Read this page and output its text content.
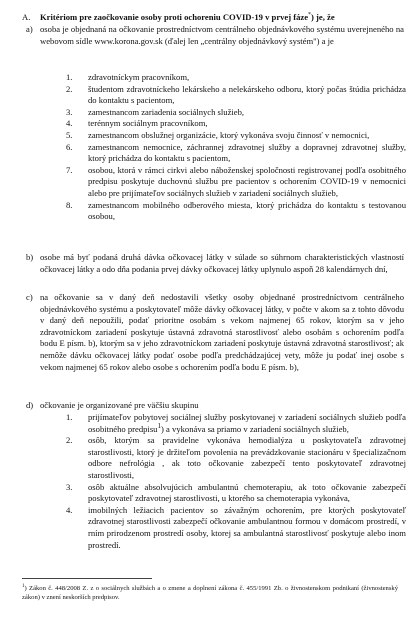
A. Kritériom pre zaočkovanie osoby proti ochoreniu COVID-19 v prvej fáze*) je, že
a) osoba je objednaná na očkovanie prostredníctvom centrálneho objednávkového systému uverejneného na webovom sídle www.korona.gov.sk (ďalej len „centrálny objednávkový systém") a je

1. zdravotníckym pracovníkom,
2. študentom zdravotníckeho lekárskeho a nelekárskeho odboru, ktorý počas štúdia prichádza do kontaktu s pacientom,
3. zamestnancom zariadenia sociálnych služieb,
4. terénnym sociálnym pracovníkom,
5. zamestnancom obslužnej organizácie, ktorý vykonáva svoju činnosť v nemocnici,
6. zamestnancom nemocnice, záchrannej zdravotnej služby a dopravnej zdravotnej služby, ktorý prichádza do kontaktu s pacientom,
7. osobou, ktorá v rámci cirkvi alebo náboženskej spoločnosti registrovanej podľa osobitného predpisu poskytuje duchovnú službu pre pacientov s ochorením COVID-19 v nemocnici alebo pre prijímateľov sociálnych služieb v zariadení sociálnych služieb,
8. zamestnancom mobilného odberového miesta, ktorý prichádza do kontaktu s testovanou osobou,
b) osobe má byť podaná druhá dávka očkovacej látky v súlade so súhrnom charakteristických vlastností očkovacej látky a odo dňa podania prvej dávky očkovacej látky uplynulo aspoň 28 kalendárnych dní,

c) na očkovanie sa v daný deň nedostavili všetky osoby objednané prostredníctvom centrálneho objednávkového systému a poskytovateľ môže dávky očkovacej látky, v počte v akom sa z tohto dôvodu v daný deň nepoužili, podať prioritne osobám s vekom najmenej 65 rokov, ktorým sa v jeho zdravotníckom zariadení poskytuje ústavná zdravotná starostlivosť alebo osobám s ochorením podľa bodu E písm. b), ktorým sa v jeho zdravotníckom zariadení poskytuje ústavná zdravotná starostlivosť; ak nemôže dávku očkovacej látky podať osobe podľa predchádzajúcej vety, môže ju podať inej osobe s vekom najmenej 65 rokov alebo osobe s ochorením podľa bodu E písm. b),

d) očkovanie je organizované pre väčšiu skupinu

1. prijímateľov pobytovej sociálnej služby poskytovanej v zariadení sociálnych služieb podľa osobitného predpisu$^1$) a vykonáva sa priamo v zariadení sociálnych služieb,
2. osôb, ktorým sa pravidelne vykonáva hemodialýza u poskytovateľa zdravotnej starostlivosti, ktorý je držiteľom povolenia na prevádzkovanie stacionáru v špecializačnom odbore nefrológia , ak toto očkovanie zabezpečí tento poskytovateľ zdravotnej starostlivosti,
3. osôb aktuálne absolvujúcich ambulantnú chemoterapiu, ak toto očkovanie zabezpečí poskytovateľ zdravotnej starostlivosti, u ktorého sa chemoterapia vykonáva,
4. imobilných ležiacich pacientov so závažným ochorením, pre ktorých poskytovateľ zdravotnej starostlivosti zabezpečí očkovanie ambulantnou formou v domácom prostredí, v rním prirodzenom prostredí osoby, ktorej sa ambulantná starostlivosť poskytuje alebo inom prostredí.
$^1$) Zákon č. 448/2008 Z. z o sociálnych službách a o zmene a doplnení zákona č. 455/1991 Zb. o živnostenskom podnikaní (živnostenský zákon) v znení neskorších predpisov.
